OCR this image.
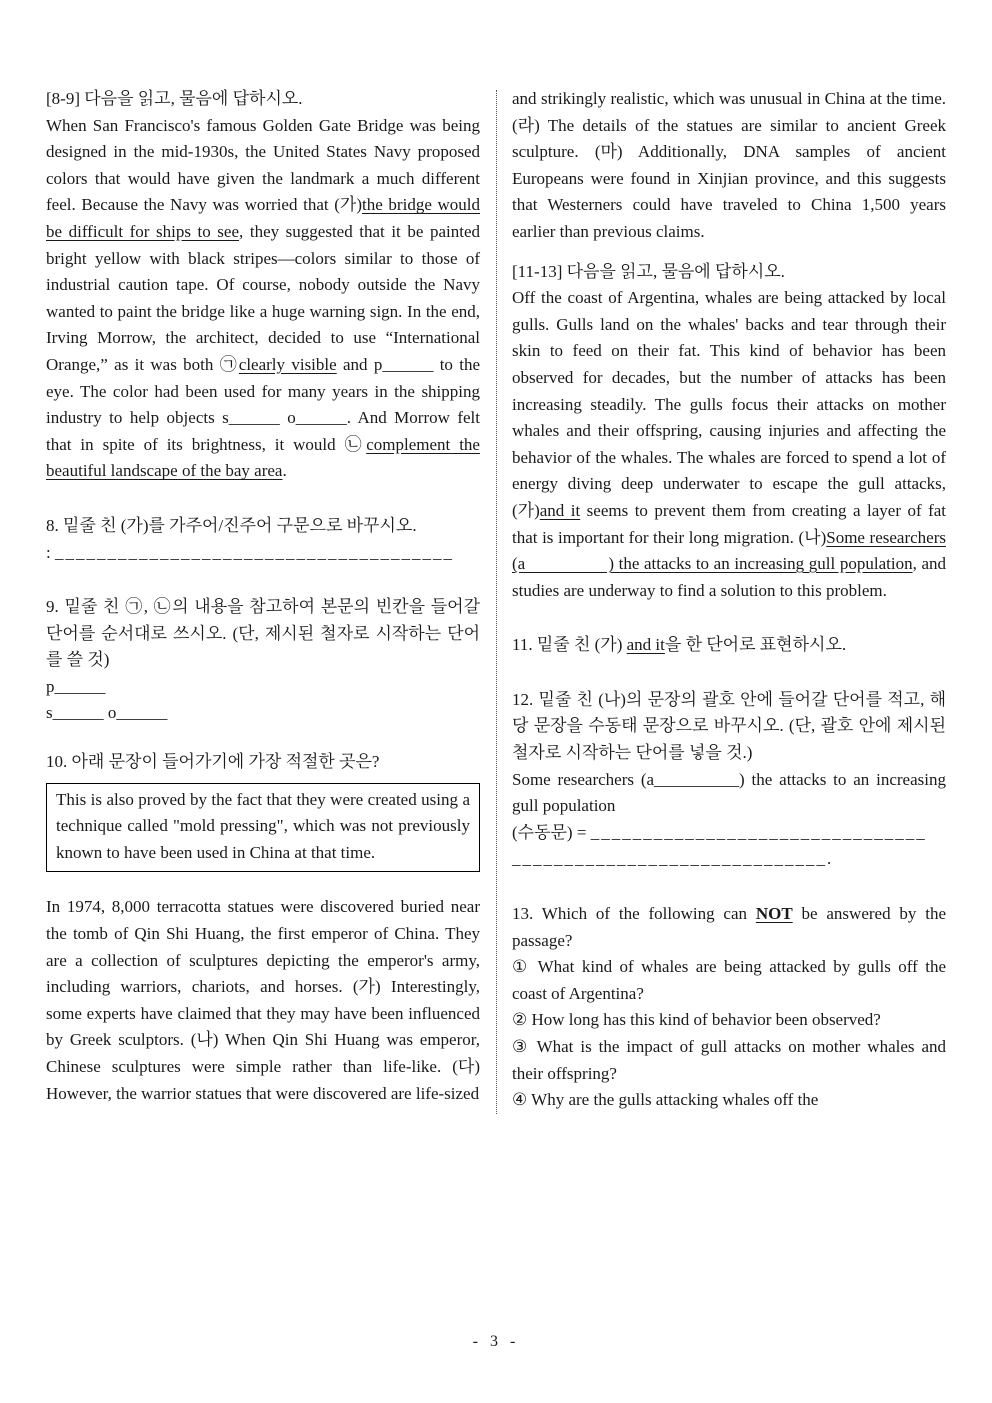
[8-9] 다음을 읽고, 물음에 답하시오.

When San Francisco's famous Golden Gate Bridge was being designed in the mid-1930s, the United States Navy proposed colors that would have given the landmark a much different feel. Because the Navy was worried that (가)the bridge would be difficult for ships to see, they suggested that it be painted bright yellow with black stripes—colors similar to those of industrial caution tape. Of course, nobody outside the Navy wanted to paint the bridge like a huge warning sign. In the end, Irving Morrow, the architect, decided to use “International Orange,” as it was both ㉠clearly visible and p______ to the eye. The color had been used for many years in the shipping industry to help objects s______ o______. And Morrow felt that in spite of its brightness, it would ㉡complement the beautiful landscape of the bay area.

8. 밑줄 친 (가)를 가주어/진주어 구문으로 바꾸시오.

: ______________________________________

9. 밑줄 친 ㉠, ㉡의 내용을 참고하여 본문의 빈칸을 들어갈 단어를 순서대로 쓰시오. (단, 제시된 철자로 시작하는 단어를 쓸 것)

p______

s______ o______

10. 아래 문장이 들어가기에 가장 적절한 곳은?

This is also proved by the fact that they were created using a technique called "mold pressing", which was not previously known to have been used in China at that time.

In 1974, 8,000 terracotta statues were discovered buried near the tomb of Qin Shi Huang, the first emperor of China. They are a collection of sculptures depicting the emperor's army, including warriors, chariots, and horses. (가) Interestingly, some experts have claimed that they may have been influenced by Greek sculptors. (나) When Qin Shi Huang was emperor, Chinese sculptures were simple rather than life-like. (다) However, the warrior statues that were discovered are life-sized

and strikingly realistic, which was unusual in China at the time. (라) The details of the statues are similar to ancient Greek sculpture. (마) Additionally, DNA samples of ancient Europeans were found in Xinjian province, and this suggests that Westerners could have traveled to China 1,500 years earlier than previous claims.

[11-13] 다음을 읽고, 물음에 답하시오.

Off the coast of Argentina, whales are being attacked by local gulls. Gulls land on the whales' backs and tear through their skin to feed on their fat. This kind of behavior has been observed for decades, but the number of attacks has been increasing steadily. The gulls focus their attacks on mother whales and their offspring, causing injuries and affecting the behavior of the whales. The whales are forced to spend a lot of energy diving deep underwater to escape the gull attacks, (가)and it seems to prevent them from creating a layer of fat that is important for their long migration. (나)Some researchers (a                  ) the attacks to an increasing gull population, and studies are underway to find a solution to this problem.

11. 밑줄 친 (가) and it을 한 단어로 표현하시오.

12. 밑줄 친 (나)의 문장의 괄호 안에 들어갈 단어를 적고, 해당 문장을 수동태 문장으로 바꾸시오. (단, 괄호 안에 제시된 철자로 시작하는 단어를 넣을 것.)

Some researchers (a__________) the attacks to an increasing gull population

(수동문) = ________________________________

______________________________.

13. Which of the following can NOT be answered by the passage?

① What kind of whales are being attacked by gulls off the coast of Argentina?

② How long has this kind of behavior been observed?

③ What is the impact of gull attacks on mother whales and their offspring?

④ Why are the gulls attacking whales off the

- 3 -
